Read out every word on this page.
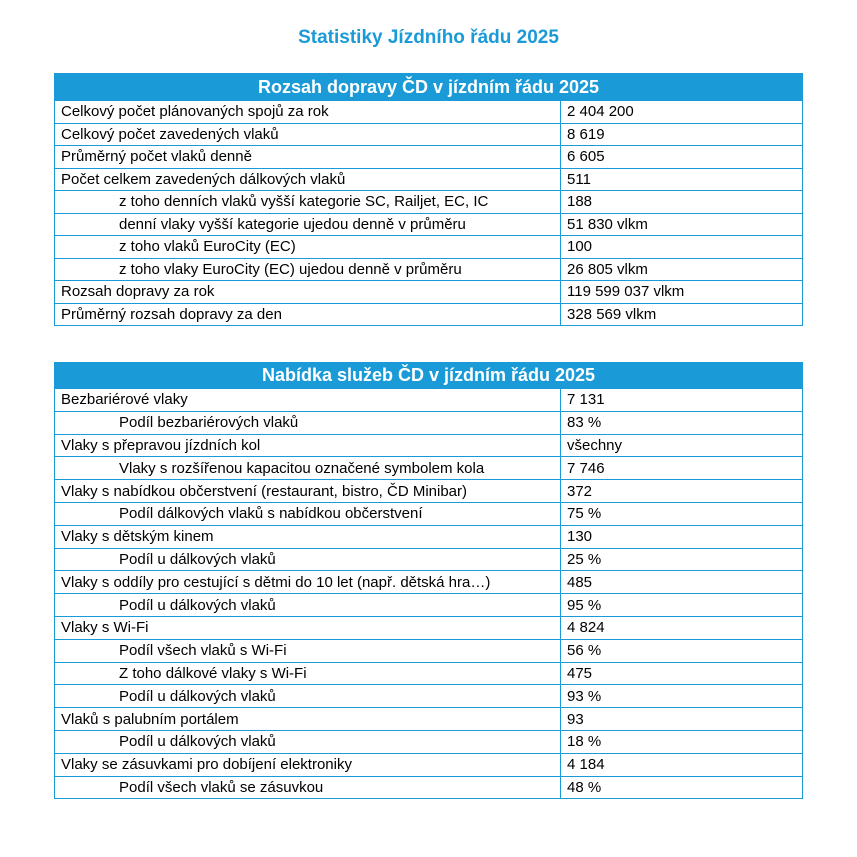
Statistiky Jízdního řádu 2025
Rozsah dopravy ČD v jízdním řádu 2025	
Celkový počet plánovaných spojů za rok	2 404 200
Celkový počet zavedených vlaků	8 619
Průměrný počet vlaků denně	6 605
Počet celkem zavedených dálkových vlaků	511
z toho denních vlaků vyšší kategorie SC, Railjet, EC, IC	188
denní vlaky vyšší kategorie ujedou denně v průměru	51 830 vlkm
z toho vlaků EuroCity (EC)	100
z toho vlaky EuroCity (EC) ujedou denně v průměru	26 805 vlkm
Rozsah dopravy za rok	119 599 037 vlkm
Průměrný rozsah dopravy za den	328 569 vlkm
Nabídka služeb ČD v jízdním řádu 2025	
Bezbariérové vlaky	7 131
Podíl bezbariérových vlaků	83 %
Vlaky s přepravou jízdních kol	všechny
Vlaky s rozšířenou kapacitou označené symbolem kola	7 746
Vlaky s nabídkou občerstvení (restaurant, bistro, ČD Minibar)	372
Podíl dálkových vlaků s nabídkou občerstvení	75 %
Vlaky s dětským kinem	130
Podíl u dálkových vlaků	25 %
Vlaky s oddíly pro cestující s dětmi do 10 let (např. dětská hra…)	485
Podíl u dálkových vlaků	95 %
Vlaky s Wi-Fi	4 824
Podíl všech vlaků s Wi-Fi	56 %
Z toho dálkové vlaky s Wi-Fi	475
Podíl u dálkových vlaků	93 %
Vlaků s palubním portálem	93
Podíl u dálkových vlaků	18 %
Vlaky se zásuvkami pro dobíjení elektroniky	4 184
Podíl všech vlaků se zásuvkou	48 %
